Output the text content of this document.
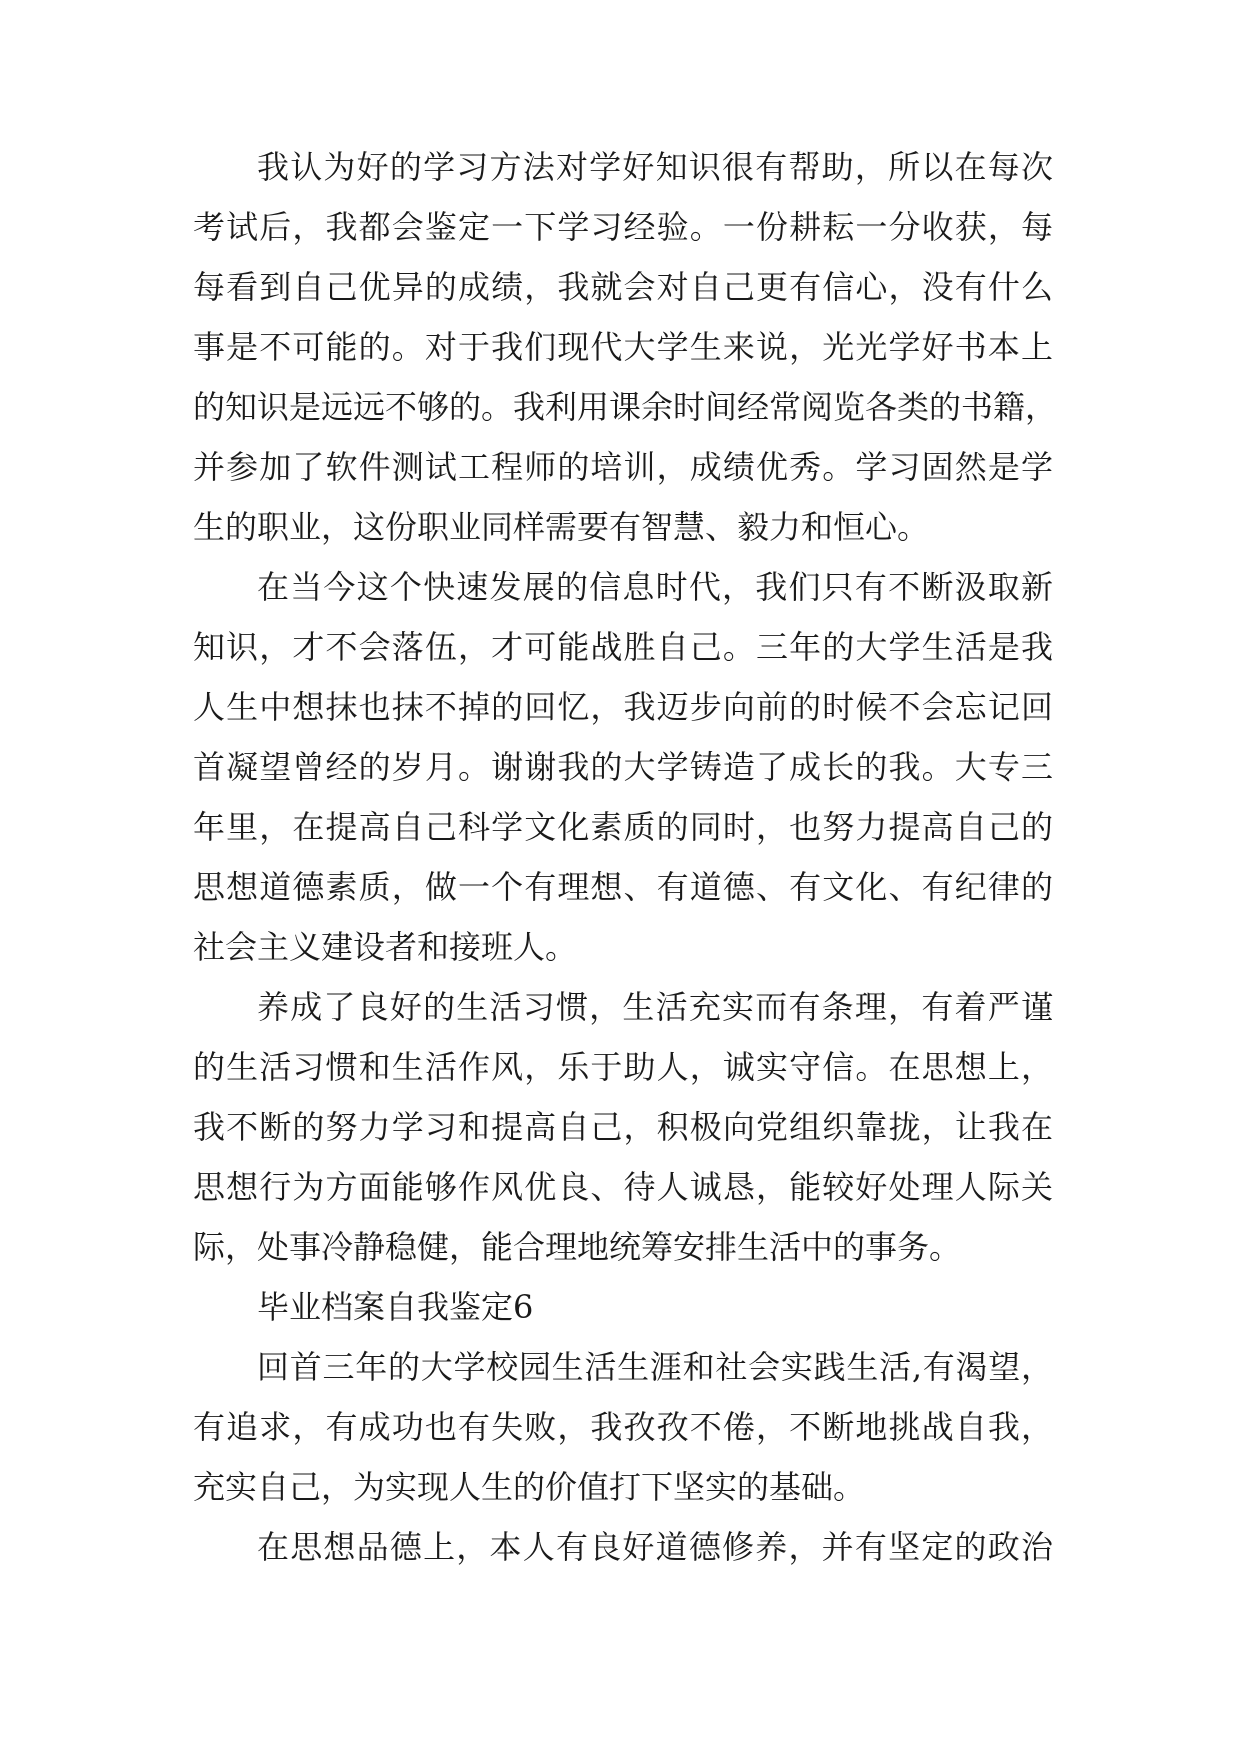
我认为好的学习方法对学好知识很有帮助，所以在每次
考试后，我都会鉴定一下学习经验。一份耕耘一分收获，每
每看到自己优异的成绩，我就会对自己更有信心，没有什么
事是不可能的。对于我们现代大学生来说，光光学好书本上
的知识是远远不够的。我利用课余时间经常阅览各类的书籍，
并参加了软件测试工程师的培训，成绩优秀。学习固然是学
生的职业，这份职业同样需要有智慧、毅力和恒心。
在当今这个快速发展的信息时代，我们只有不断汲取新
知识，才不会落伍，才可能战胜自己。三年的大学生活是我
人生中想抹也抹不掉的回忆，我迈步向前的时候不会忘记回
首凝望曾经的岁月。谢谢我的大学铸造了成长的我。大专三
年里，在提高自己科学文化素质的同时，也努力提高自己的
思想道德素质，做一个有理想、有道德、有文化、有纪律的
社会主义建设者和接班人。
养成了良好的生活习惯，生活充实而有条理，有着严谨
的生活习惯和生活作风，乐于助人，诚实守信。在思想上，
我不断的努力学习和提高自己，积极向党组织靠拢，让我在
思想行为方面能够作风优良、待人诚恳，能较好处理人际关
际，处事冷静稳健，能合理地统筹安排生活中的事务。
毕业档案自我鉴定6
回首三年的大学校园生活生涯和社会实践生活,有渴望，
有追求，有成功也有失败，我孜孜不倦，不断地挑战自我，
充实自己，为实现人生的价值打下坚实的基础。
在思想品德上，本人有良好道德修养，并有坚定的政治
